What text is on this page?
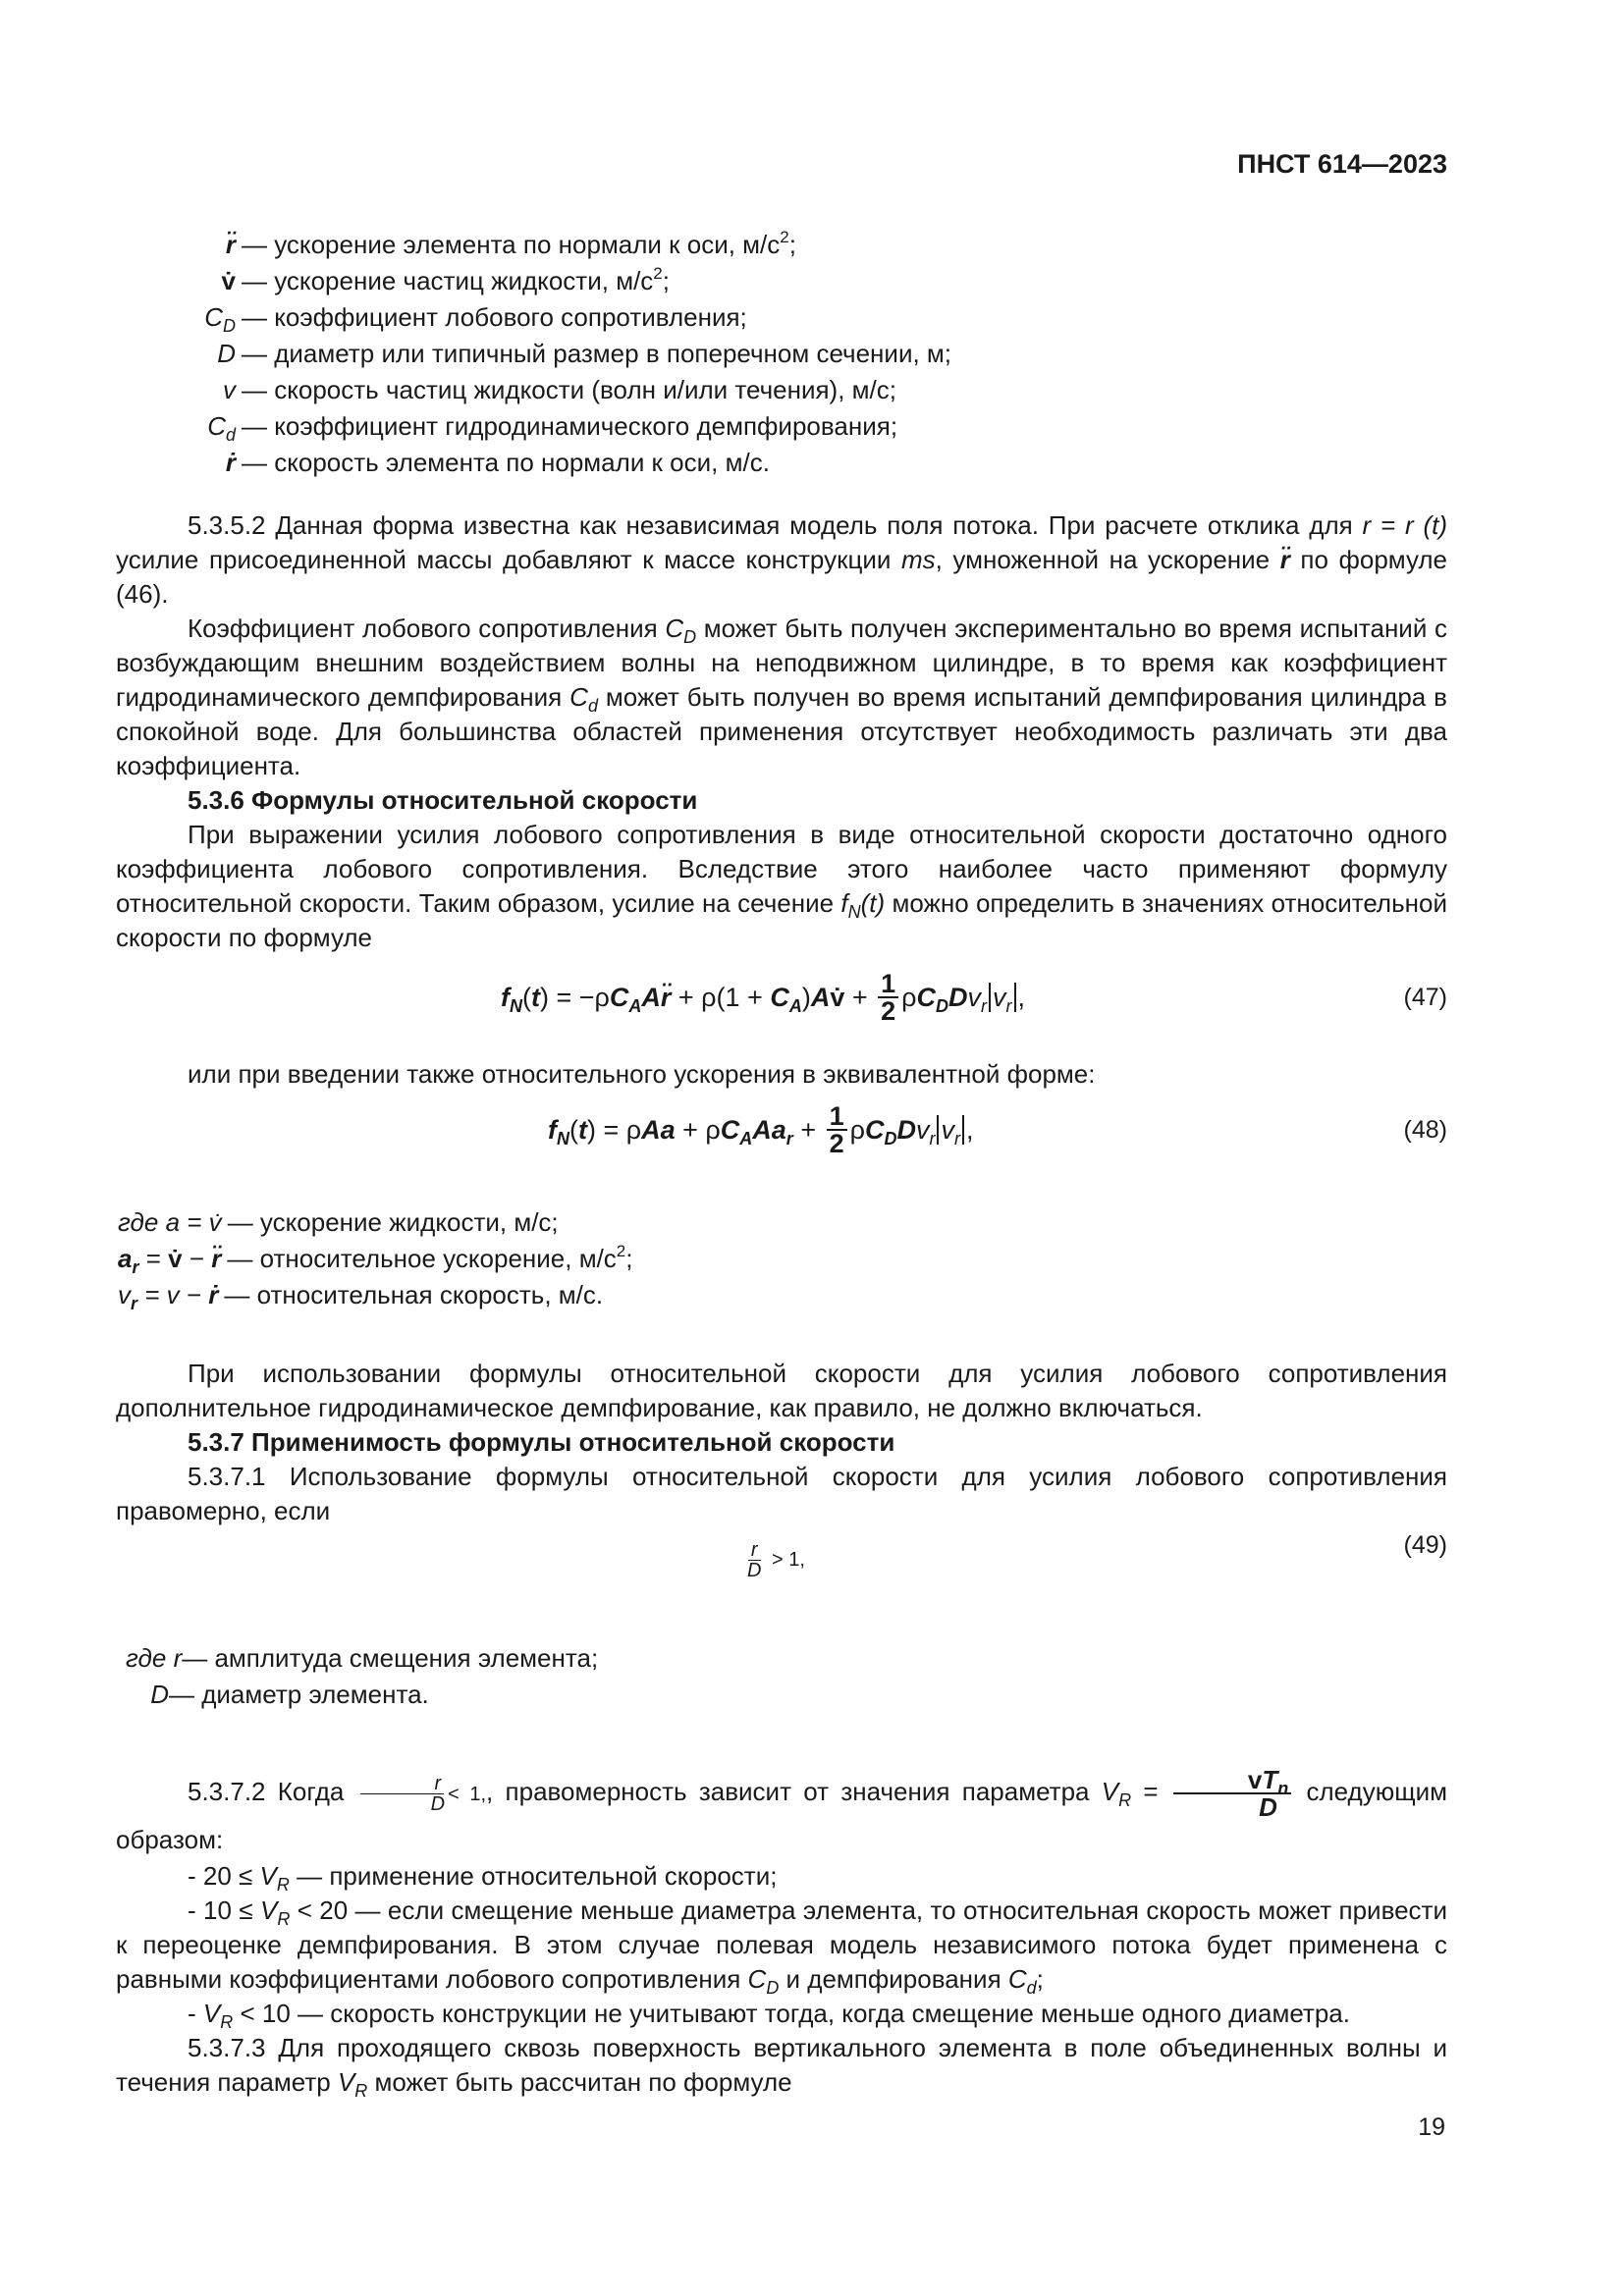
ПНСТ 614—2023
r̈ — ускорение элемента по нормали к оси, $м/с^2$;
v̇ — ускорение частиц жидкости, $м/с^2$;
$C_D$ — коэффициент лобового сопротивления;
D — диаметр или типичный размер в поперечном сечении, м;
v — скорость частиц жидкости (волн и/или течения), м/с;
$C_d$ — коэффициент гидродинамического демпфирования;
ṙ — скорость элемента по нормали к оси, м/с.

5.3.5.2 Данная форма известна как независимая модель поля потока. При расчете отклика для r = r (t) усилие присоединенной массы добавляют к массе конструкции ms, умноженной на ускорение r̈ по формуле (46).

Коэффициент лобового сопротивления $C_D$ может быть получен экспериментально во время испытаний с возбуждающим внешним воздействием волны на неподвижном цилиндре, в то время как коэффициент гидродинамического демпфирования $C_d$ может быть получен во время испытаний демпфирования цилиндра в спокойной воде. Для большинства областей применения отсутствует необходимость различать эти два коэффициента.

5.3.6 Формулы относительной скорости

При выражении усилия лобового сопротивления в виде относительной скорости достаточно одного коэффициента лобового сопротивления. Вследствие этого наиболее часто применяют формулу относительной скорости. Таким образом, усилие на сечение $f_N(t)$ можно определить в значениях относительной скорости по формуле

$f_N$ ( t ) = −ρ $C_AA$ r̈ + $\rho(1 + C_A$ ) A v̇ + $\frac{1}{2}$ ρ $C_DD$ $v_r$ $v_r$ ,	(47)

или при введении также относительного ускорения в эквивалентной форме:

$f_N$ ( t ) = ρ Aa + ρ $C_AAa_r + \frac{1}{2}$ ρ $C_DD$ $v_r$ $v_r$ ,	(48)
где a = v̇ — ускорение жидкости, м/с;
$a_r$ = v̇ − r̈ — относительное ускорение, $м/с^2$;
$v_r = v$ − ṙ — относительная скорость, м/с.

При использовании формулы относительной скорости для усилия лобового сопротивления дополнительное гидродинамическое демпфирование, как правило, не должно включаться.

5.3.7 Применимость формулы относительной скорости

5.3.7.1 Использование формулы относительной скорости для усилия лобового сопротивления правомерно, если

$\frac{r}{D}$
> 1,
(49)
где r — амплитуда смещения элемента;
D — диаметр элемента.

5.3.7.2 Когда $\frac{r}{D} < 1$,, правомерность зависит от значения параметра $V_R = \frac{vT_n}{D}$ следующим образом:

- $20 \le V_R$ — применение относительной скорости;

- $10 \le V_R < 20$ — если смещение меньше диаметра элемента, то относительная скорость может привести к переоценке демпфирования. В этом случае полевая модель независимого потока будет применена с равными коэффициентами лобового сопротивления $C_D$ и демпфирования $C_d$;

- $V_R < 10$ — скорость конструкции не учитывают тогда, когда смещение меньше одного диаметра.

5.3.7.3 Для проходящего сквозь поверхность вертикального элемента в поле объединенных волны и течения параметр $V_R$ может быть рассчитан по формуле

19
